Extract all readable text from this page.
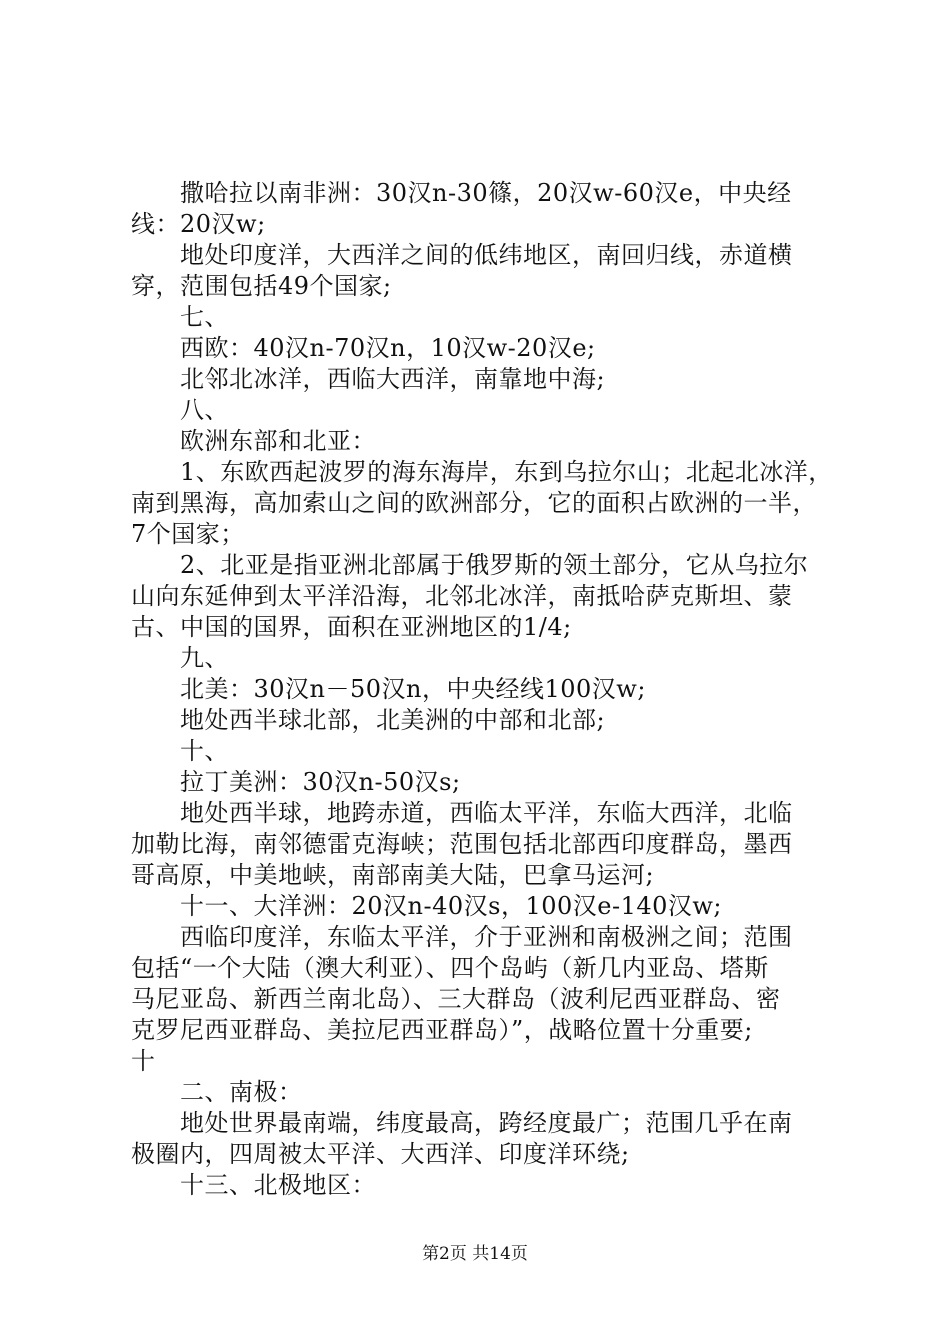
撒哈拉以南非洲：30汉n-30篠，20汉w-60汉e，中央经
线：20汉w;
地处印度洋，大西洋之间的低纬地区，南回归线，赤道横
穿，范围包括49个国家;
七、
西欧：40汉n-70汉n，10汉w-20汉e;
北邻北冰洋，西临大西洋，南靠地中海;
八、
欧洲东部和北亚：
1、东欧西起波罗的海东海岸，东到乌拉尔山；北起北冰洋，
南到黑海，高加索山之间的欧洲部分，它的面积占欧洲的一半，
7个国家；
2、北亚是指亚洲北部属于俄罗斯的领土部分，它从乌拉尔
山向东延伸到太平洋沿海，北邻北冰洋，南抵哈萨克斯坦、蒙
古、中国的国界，面积在亚洲地区的1/4;
九、
北美：30汉n－50汉n，中央经线100汉w;
地处西半球北部，北美洲的中部和北部;
十、
拉丁美洲：30汉n-50汉s;
地处西半球，地跨赤道，西临太平洋，东临大西洋，北临
加勒比海，南邻德雷克海峡；范围包括北部西印度群岛，墨西
哥高原，中美地峡，南部南美大陆，巴拿马运河;
十一、大洋洲：20汉n-40汉s，100汉e-140汉w;
西临印度洋，东临太平洋，介于亚洲和南极洲之间；范围
包括“一个大陆（澳大利亚）、四个岛屿（新几内亚岛、塔斯
马尼亚岛、新西兰南北岛）、三大群岛（波利尼西亚群岛、密
克罗尼西亚群岛、美拉尼西亚群岛）”，战略位置十分重要;
十
二、南极：
地处世界最南端，纬度最高，跨经度最广；范围几乎在南
极圈内，四周被太平洋、大西洋、印度洋环绕;
十三、北极地区：
第2页 共14页
